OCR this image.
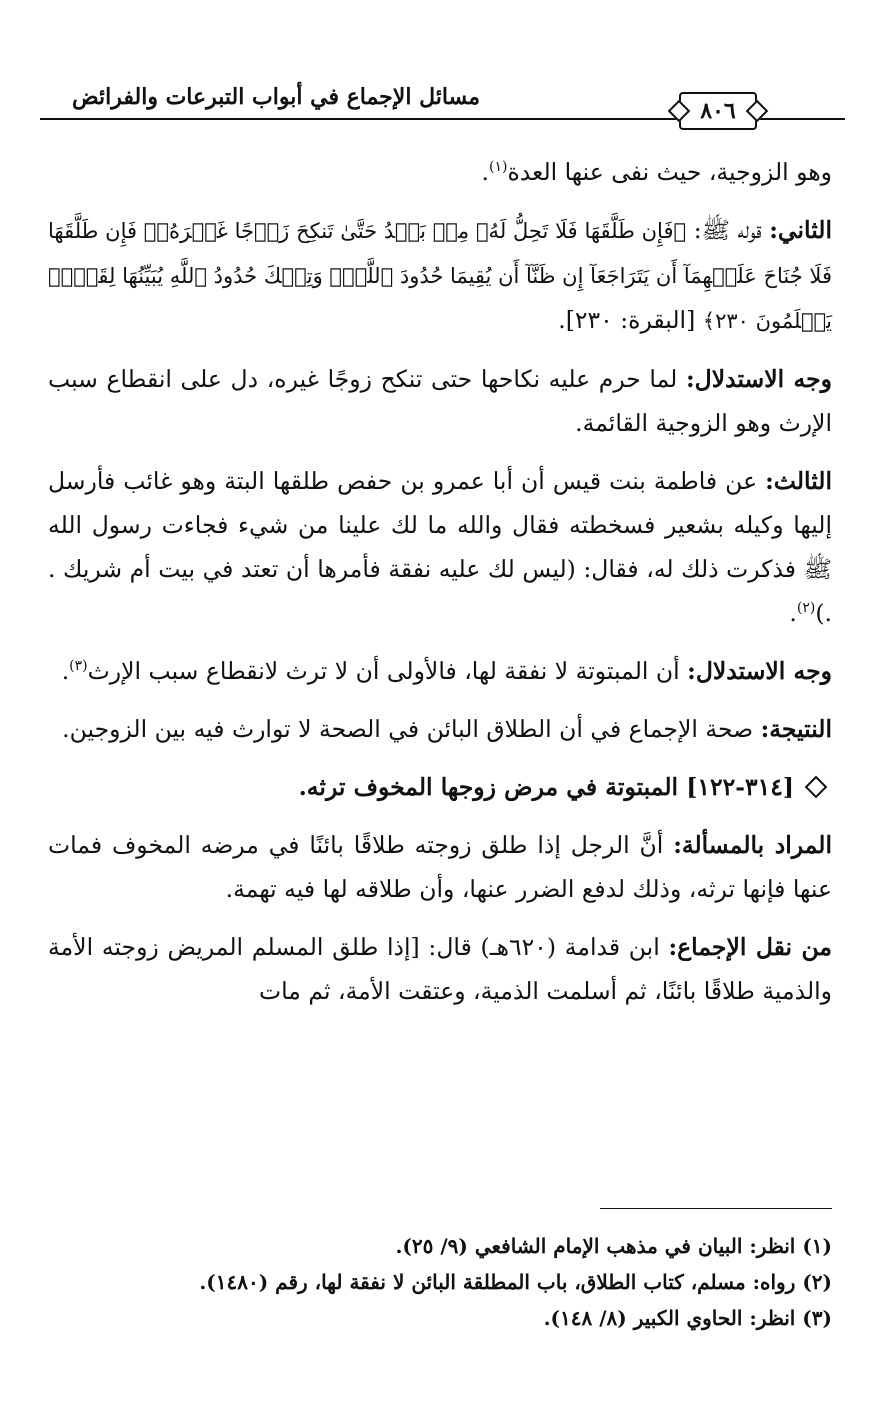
٨٠٦
مسائل الإجماع في أبواب التبرعات والفرائض

وهو الزوجية، حيث نفى عنها العدة$^{(١)}$.

الثاني: قوله ﷺ: ﴿فَإِن طَلَّقَهَا فَلَا تَحِلُّ لَهُۥ مِنۢ بَعۡدُ حَتَّىٰ تَنكِحَ زَوۡجًا غَيۡرَهُۥۗ فَإِن طَلَّقَهَا فَلَا جُنَاحَ عَلَيۡهِمَآ أَن يَتَرَاجَعَآ إِن ظَنَّآ أَن يُقِيمَا حُدُودَ ٱللَّهِۗ وَتِلۡكَ حُدُودُ ٱللَّهِ يُبَيِّنُهَا لِقَوۡمٖ يَعۡلَمُونَ ٢٣٠﴾ [البقرة: ٢٣٠].

وجه الاستدلال: لما حرم عليه نكاحها حتى تنكح زوجًا غيره، دل على انقطاع سبب الإرث وهو الزوجية القائمة.

الثالث: عن فاطمة بنت قيس أن أبا عمرو بن حفص طلقها البتة وهو غائب فأرسل إليها وكيله بشعير فسخطته فقال والله ما لك علينا من شيء فجاءت رسول الله ﷺ فذكرت ذلك له، فقال: (ليس لك عليه نفقة فأمرها أن تعتد في بيت أم شريك . .)$^{(٢)}$.

وجه الاستدلال: أن المبتوتة لا نفقة لها، فالأولى أن لا ترث لانقطاع سبب الإرث$^{(٣)}$.

النتيجة: صحة الإجماع في أن الطلاق البائن في الصحة لا توارث فيه بين الزوجين.

[٣١٤-١٢٢] المبتوتة في مرض زوجها المخوف ترثه.

المراد بالمسألة: أنَّ الرجل إذا طلق زوجته طلاقًا بائنًا في مرضه المخوف فمات عنها فإنها ترثه، وذلك لدفع الضرر عنها، وأن طلاقه لها فيه تهمة.

من نقل الإجماع: ابن قدامة (٦٢٠هـ) قال: [إذا طلق المسلم المريض زوجته الأمة والذمية طلاقًا بائنًا، ثم أسلمت الذمية، وعتقت الأمة، ثم مات

(١) انظر: البيان في مذهب الإمام الشافعي (٩/ ٢٥).
(٢) رواه: مسلم، كتاب الطلاق، باب المطلقة البائن لا نفقة لها، رقم (١٤٨٠).
(٣) انظر: الحاوي الكبير (٨/ ١٤٨).
